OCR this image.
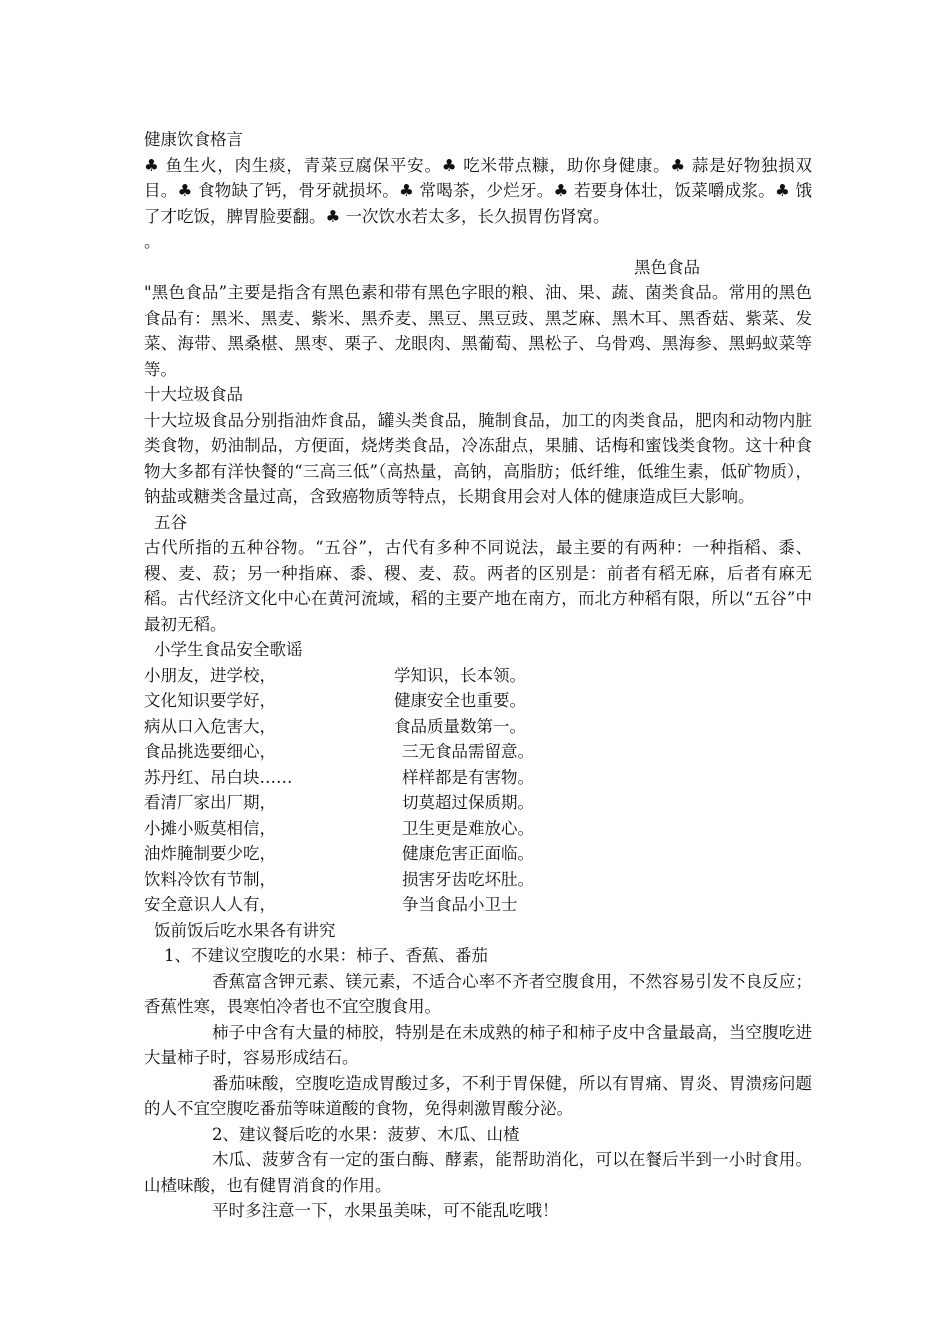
健康饮食格言

♣ 鱼生火，肉生痰，青菜豆腐保平安。♣ 吃米带点糠，助你身健康。♣ 蒜是好物独损双目。♣ 食物缺了钙，骨牙就损坏。♣ 常喝茶，少烂牙。♣ 若要身体壮，饭菜嚼成浆。♣ 饿了才吃饭，脾胃脸要翻。♣ 一次饮水若太多，长久损胃伤肾窝。

。

黑色食品

"黑色食品”主要是指含有黑色素和带有黑色字眼的粮、油、果、蔬、菌类食品。常用的黑色食品有：黑米、黑麦、紫米、黑乔麦、黑豆、黑豆豉、黑芝麻、黑木耳、黑香菇、紫菜、发菜、海带、黑桑椹、黑枣、栗子、龙眼肉、黑葡萄、黑松子、乌骨鸡、黑海参、黑蚂蚁菜等等。

十大垃圾食品

十大垃圾食品分别指油炸食品，罐头类食品，腌制食品，加工的肉类食品，肥肉和动物内脏类食物，奶油制品，方便面，烧烤类食品，冷冻甜点，果脯、话梅和蜜饯类食物。这十种食物大多都有洋快餐的“三高三低”（高热量，高钠，高脂肪；低纤维，低维生素，低矿物质），钠盐或糖类含量过高，含致癌物质等特点，长期食用会对人体的健康造成巨大影响。

五谷

古代所指的五种谷物。“五谷”，古代有多种不同说法，最主要的有两种：一种指稻、黍、稷、麦、菽；另一种指麻、黍、稷、麦、菽。两者的区别是：前者有稻无麻，后者有麻无稻。古代经济文化中心在黄河流域，稻的主要产地在南方，而北方种稻有限，所以“五谷”中最初无稻。

小学生食品安全歌谣

小朋友，进学校，	学知识，长本领。
文化知识要学好，	健康安全也重要。
病从口入危害大，	食品质量数第一。
食品挑选要细心，	三无食品需留意。
苏丹红、吊白块……	样样都是有害物。
看清厂家出厂期，	切莫超过保质期。
小摊小贩莫相信，	卫生更是难放心。
油炸腌制要少吃，	健康危害正面临。
饮料冷饮有节制，	损害牙齿吃坏肚。
安全意识人人有，	争当食品小卫士

饭前饭后吃水果各有讲究

1、不建议空腹吃的水果：柿子、香蕉、番茄

香蕉富含钾元素、镁元素，不适合心率不齐者空腹食用，不然容易引发不良反应；香蕉性寒，畏寒怕冷者也不宜空腹食用。

柿子中含有大量的柿胶，特别是在未成熟的柿子和柿子皮中含量最高，当空腹吃进大量柿子时，容易形成结石。

番茄味酸，空腹吃造成胃酸过多，不利于胃保健，所以有胃痛、胃炎、胃溃疡问题的人不宜空腹吃番茄等味道酸的食物，免得刺激胃酸分泌。

2、建议餐后吃的水果：菠萝、木瓜、山楂

木瓜、菠萝含有一定的蛋白酶、酵素，能帮助消化，可以在餐后半到一小时食用。山楂味酸，也有健胃消食的作用。

平时多注意一下，水果虽美味，可不能乱吃哦！
